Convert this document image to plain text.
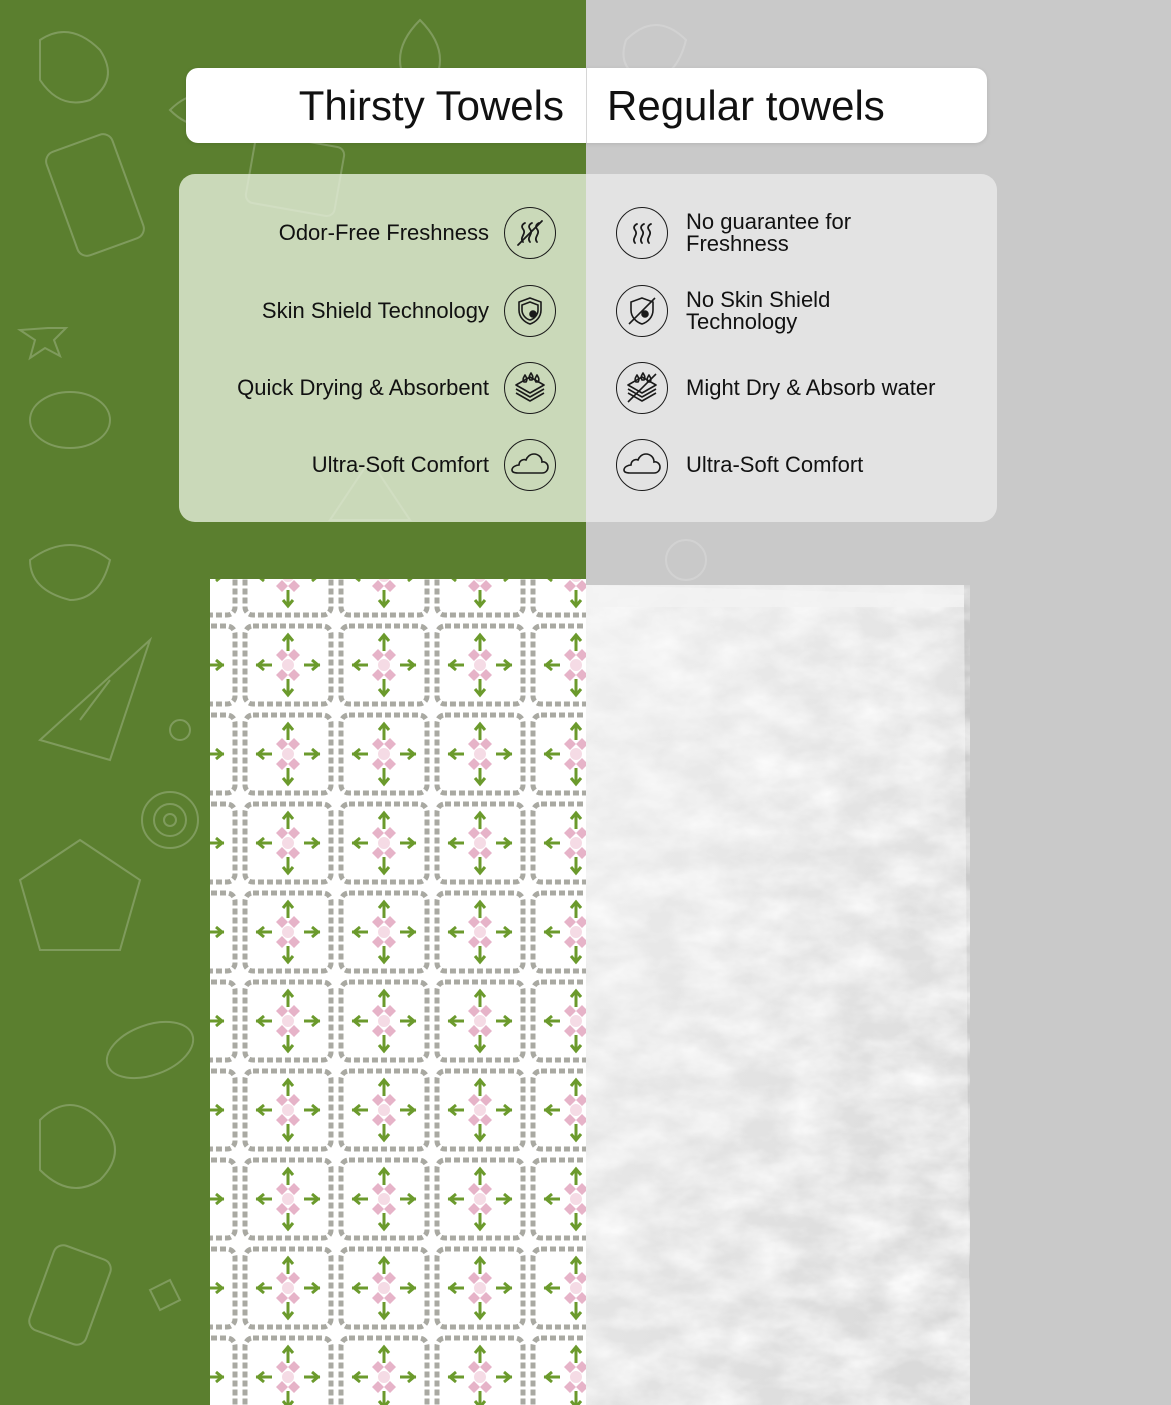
Thirsty Towels Regular towels
Odor-Free Freshness
Skin Shield Technology
Quick Drying & Absorbent
Ultra-Soft Comfort
No guarantee for
Freshness
No Skin Shield
Technology
Might Dry & Absorb water
Ultra-Soft Comfort
